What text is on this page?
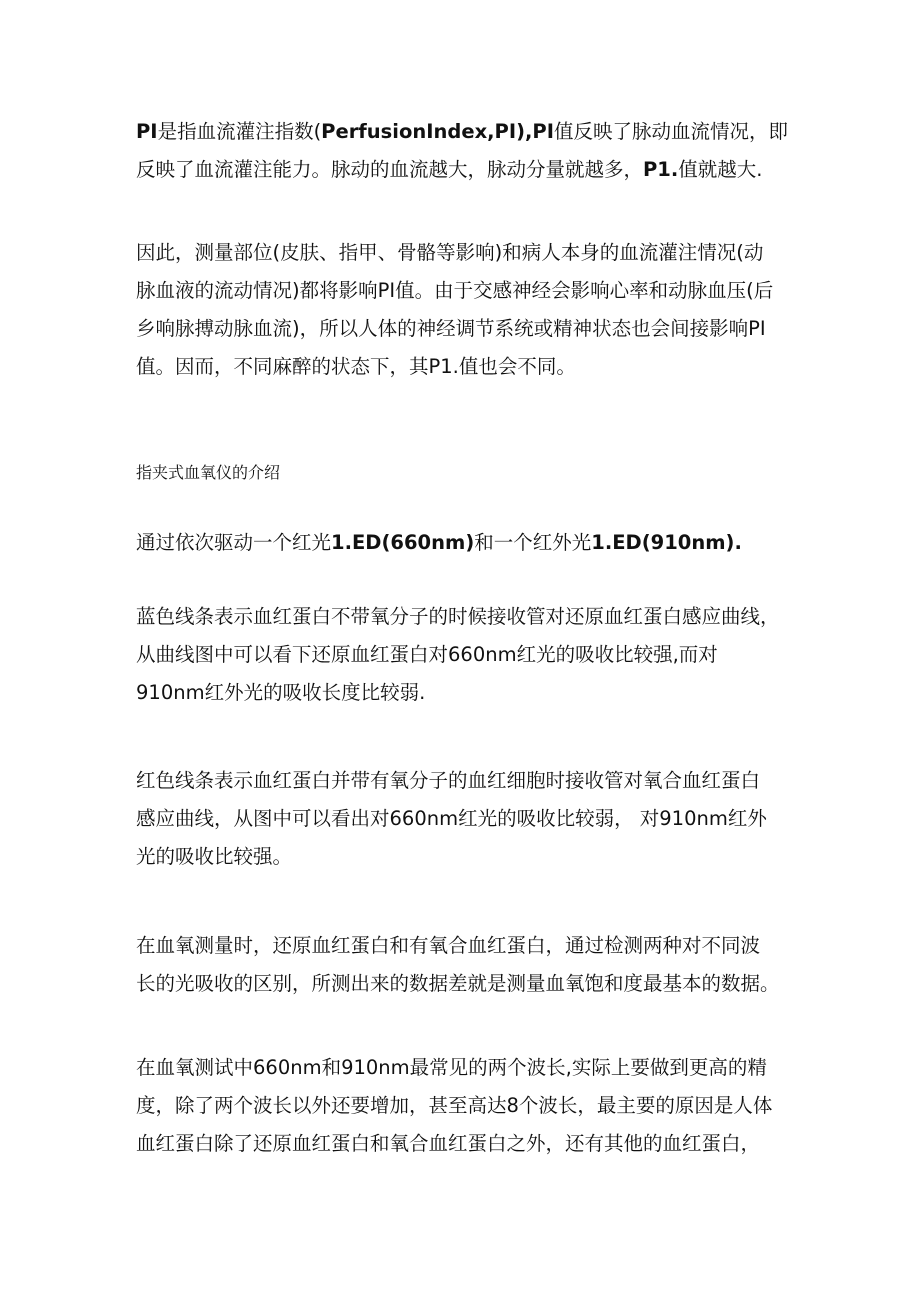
PI是指血流灌注指数(PerfusionIndex,PI),PI值反映了脉动血流情况，即
反映了血流灌注能力。脉动的血流越大，脉动分量就越多，P1.值就越大.

因此，测量部位(皮肤、指甲、骨骼等影响)和病人本身的血流灌注情况(动
脉血液的流动情况)都将影响PI值。由于交感神经会影响心率和动脉血压(后
乡响脉搏动脉血流)，所以人体的神经调节系统或精神状态也会间接影响PI
值。因而，不同麻醉的状态下，其P1.值也会不同。

指夹式血氧仪的介绍

通过依次驱动一个红光1.ED(660nm)和一个红外光1.ED(910nm).

蓝色线条表示血红蛋白不带氧分子的时候接收管对还原血红蛋白感应曲线，
从曲线图中可以看下还原血红蛋白对660nm红光的吸收比较强,而对
910nm红外光的吸收长度比较弱.

红色线条表示血红蛋白并带有氧分子的血红细胞时接收管对氧合血红蛋白
感应曲线，从图中可以看出对660nm红光的吸收比较弱， 对910nm红外
光的吸收比较强。

在血氧测量时，还原血红蛋白和有氧合血红蛋白，通过检测两种对不同波
长的光吸收的区别，所测出来的数据差就是测量血氧饱和度最基本的数据。

在血氧测试中660nm和910nm最常见的两个波长,实际上要做到更高的精
度，除了两个波长以外还要增加，甚至高达8个波长，最主要的原因是人体
血红蛋白除了还原血红蛋白和氧合血红蛋白之外，还有其他的血红蛋白，
